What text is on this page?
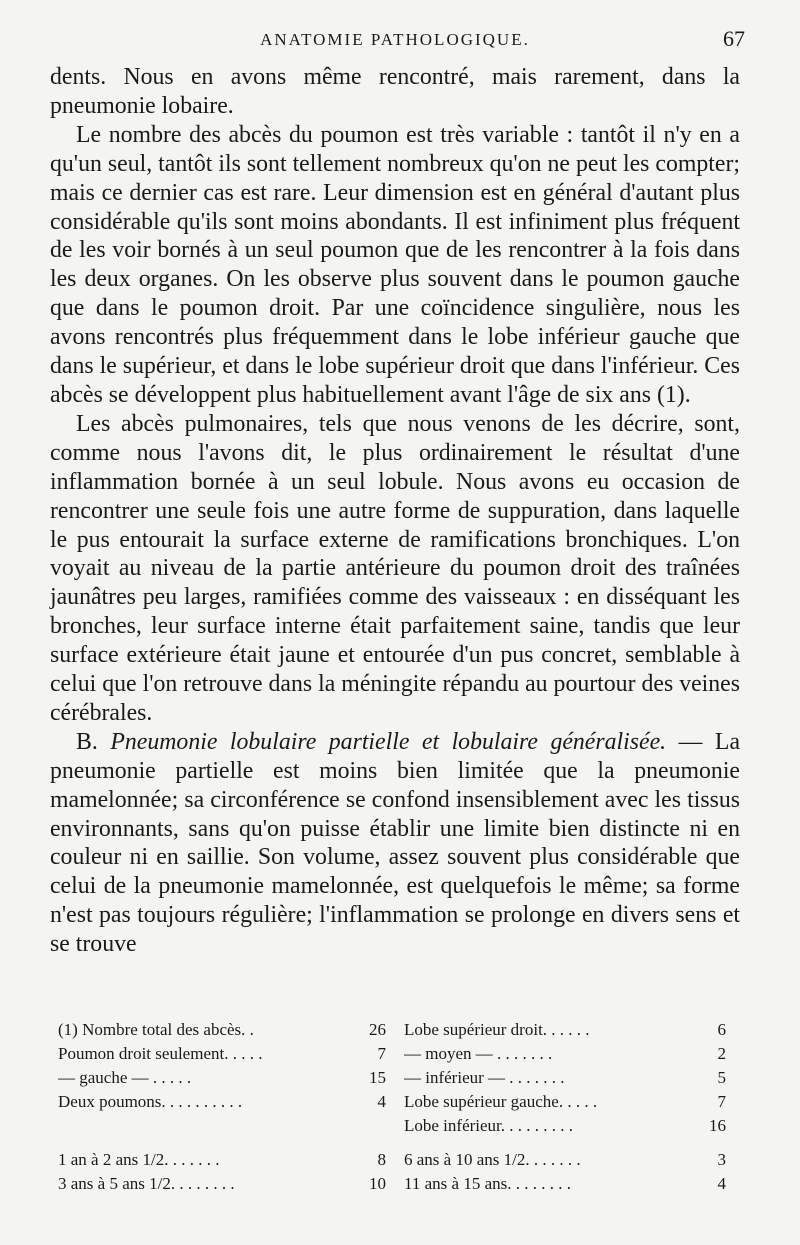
ANATOMIE PATHOLOGIQUE.	67

dents. Nous en avons même rencontré, mais rarement, dans la pneumonie lobaire.

Le nombre des abcès du poumon est très variable : tantôt il n'y en a qu'un seul, tantôt ils sont tellement nombreux qu'on ne peut les compter; mais ce dernier cas est rare. Leur dimension est en général d'autant plus considérable qu'ils sont moins abondants. Il est infiniment plus fréquent de les voir bornés à un seul poumon que de les rencontrer à la fois dans les deux organes. On les observe plus souvent dans le poumon gauche que dans le poumon droit. Par une coïncidence singulière, nous les avons rencontrés plus fréquemment dans le lobe inférieur gauche que dans le supérieur, et dans le lobe supérieur droit que dans l'inférieur. Ces abcès se développent plus habituellement avant l'âge de six ans (1).

Les abcès pulmonaires, tels que nous venons de les décrire, sont, comme nous l'avons dit, le plus ordinairement le résultat d'une inflammation bornée à un seul lobule. Nous avons eu occasion de rencontrer une seule fois une autre forme de suppuration, dans laquelle le pus entourait la surface externe de ramifications bronchiques. L'on voyait au niveau de la partie antérieure du poumon droit des traînées jaunâtres peu larges, ramifiées comme des vaisseaux : en disséquant les bronches, leur surface interne était parfaitement saine, tandis que leur surface extérieure était jaune et entourée d'un pus concret, semblable à celui que l'on retrouve dans la méningite répandu au pourtour des veines cérébrales.

B. Pneumonie lobulaire partielle et lobulaire généralisée. — La pneumonie partielle est moins bien limitée que la pneumonie mamelonnée; sa circonférence se confond insensiblement avec les tissus environnants, sans qu'on puisse établir une limite bien distincte ni en couleur ni en saillie. Son volume, assez souvent plus considérable que celui de la pneumonie mamelonnée, est quelquefois le même; sa forme n'est pas toujours régulière; l'inflammation se prolonge en divers sens et se trouve

(1) Nombre total des abcès. .	26 Lobe supérieur droit. . . . . .	6
Poumon droit seulement. . . . .	7 — moyen — . . . . . . .	2
— gauche — . . . . .	15 — inférieur — . . . . . . .	5
Deux poumons. . . . . . . . . .	4 Lobe supérieur gauche. . . . .	7
Lobe inférieur. . . . . . . . .	16
1 an à 2 ans 1/2. . . . . . .	8 6 ans à 10 ans 1/2. . . . . . .	3
3 ans à 5 ans 1/2. . . . . . . .	10 11 ans à 15 ans. . . . . . . .	4
